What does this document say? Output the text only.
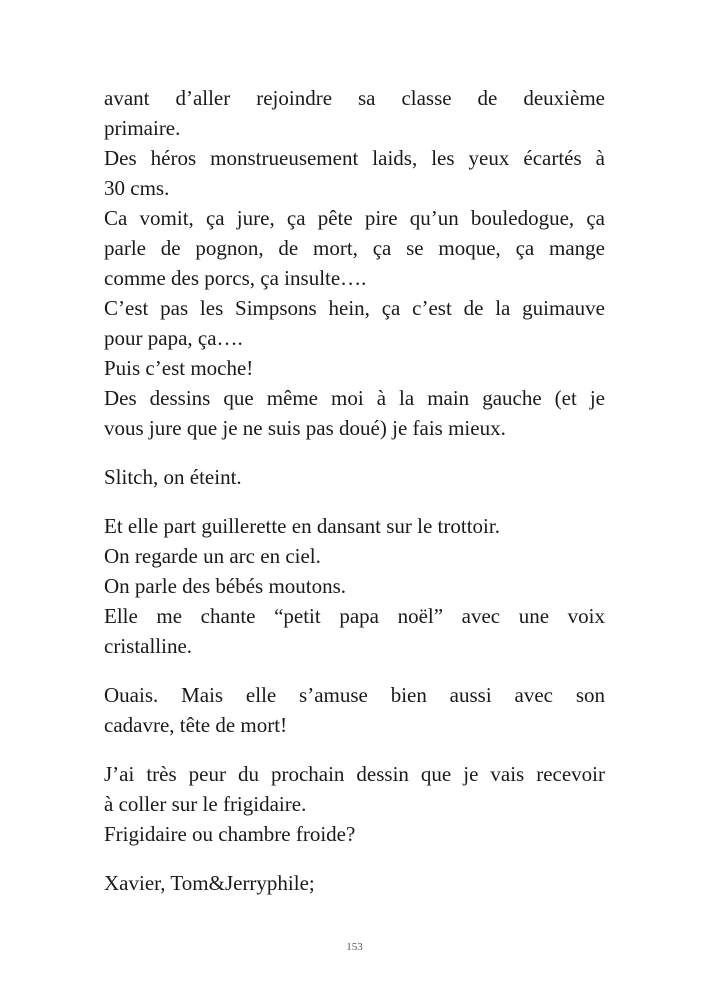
avant d’aller rejoindre sa classe de deuxième
primaire.
Des héros monstrueusement laids, les yeux écartés à
30 cms.
Ca vomit, ça jure, ça pête pire qu’un bouledogue, ça
parle de pognon, de mort, ça se moque, ça mange
comme des porcs, ça insulte….
C’est pas les Simpsons hein, ça c’est de la guimauve
pour papa, ça….
Puis c’est moche!
Des dessins que même moi à la main gauche (et je
vous jure que je ne suis pas doué) je fais mieux.

Slitch, on éteint.

Et elle part guillerette en dansant sur le trottoir.
On regarde un arc en ciel.
On parle des bébés moutons.
Elle me chante “petit papa noël” avec une voix
cristalline.

Ouais. Mais elle s’amuse bien aussi avec son
cadavre, tête de mort!

J’ai très peur du prochain dessin que je vais recevoir
à coller sur le frigidaire.
Frigidaire ou chambre froide?

Xavier, Tom&Jerryphile;

153
